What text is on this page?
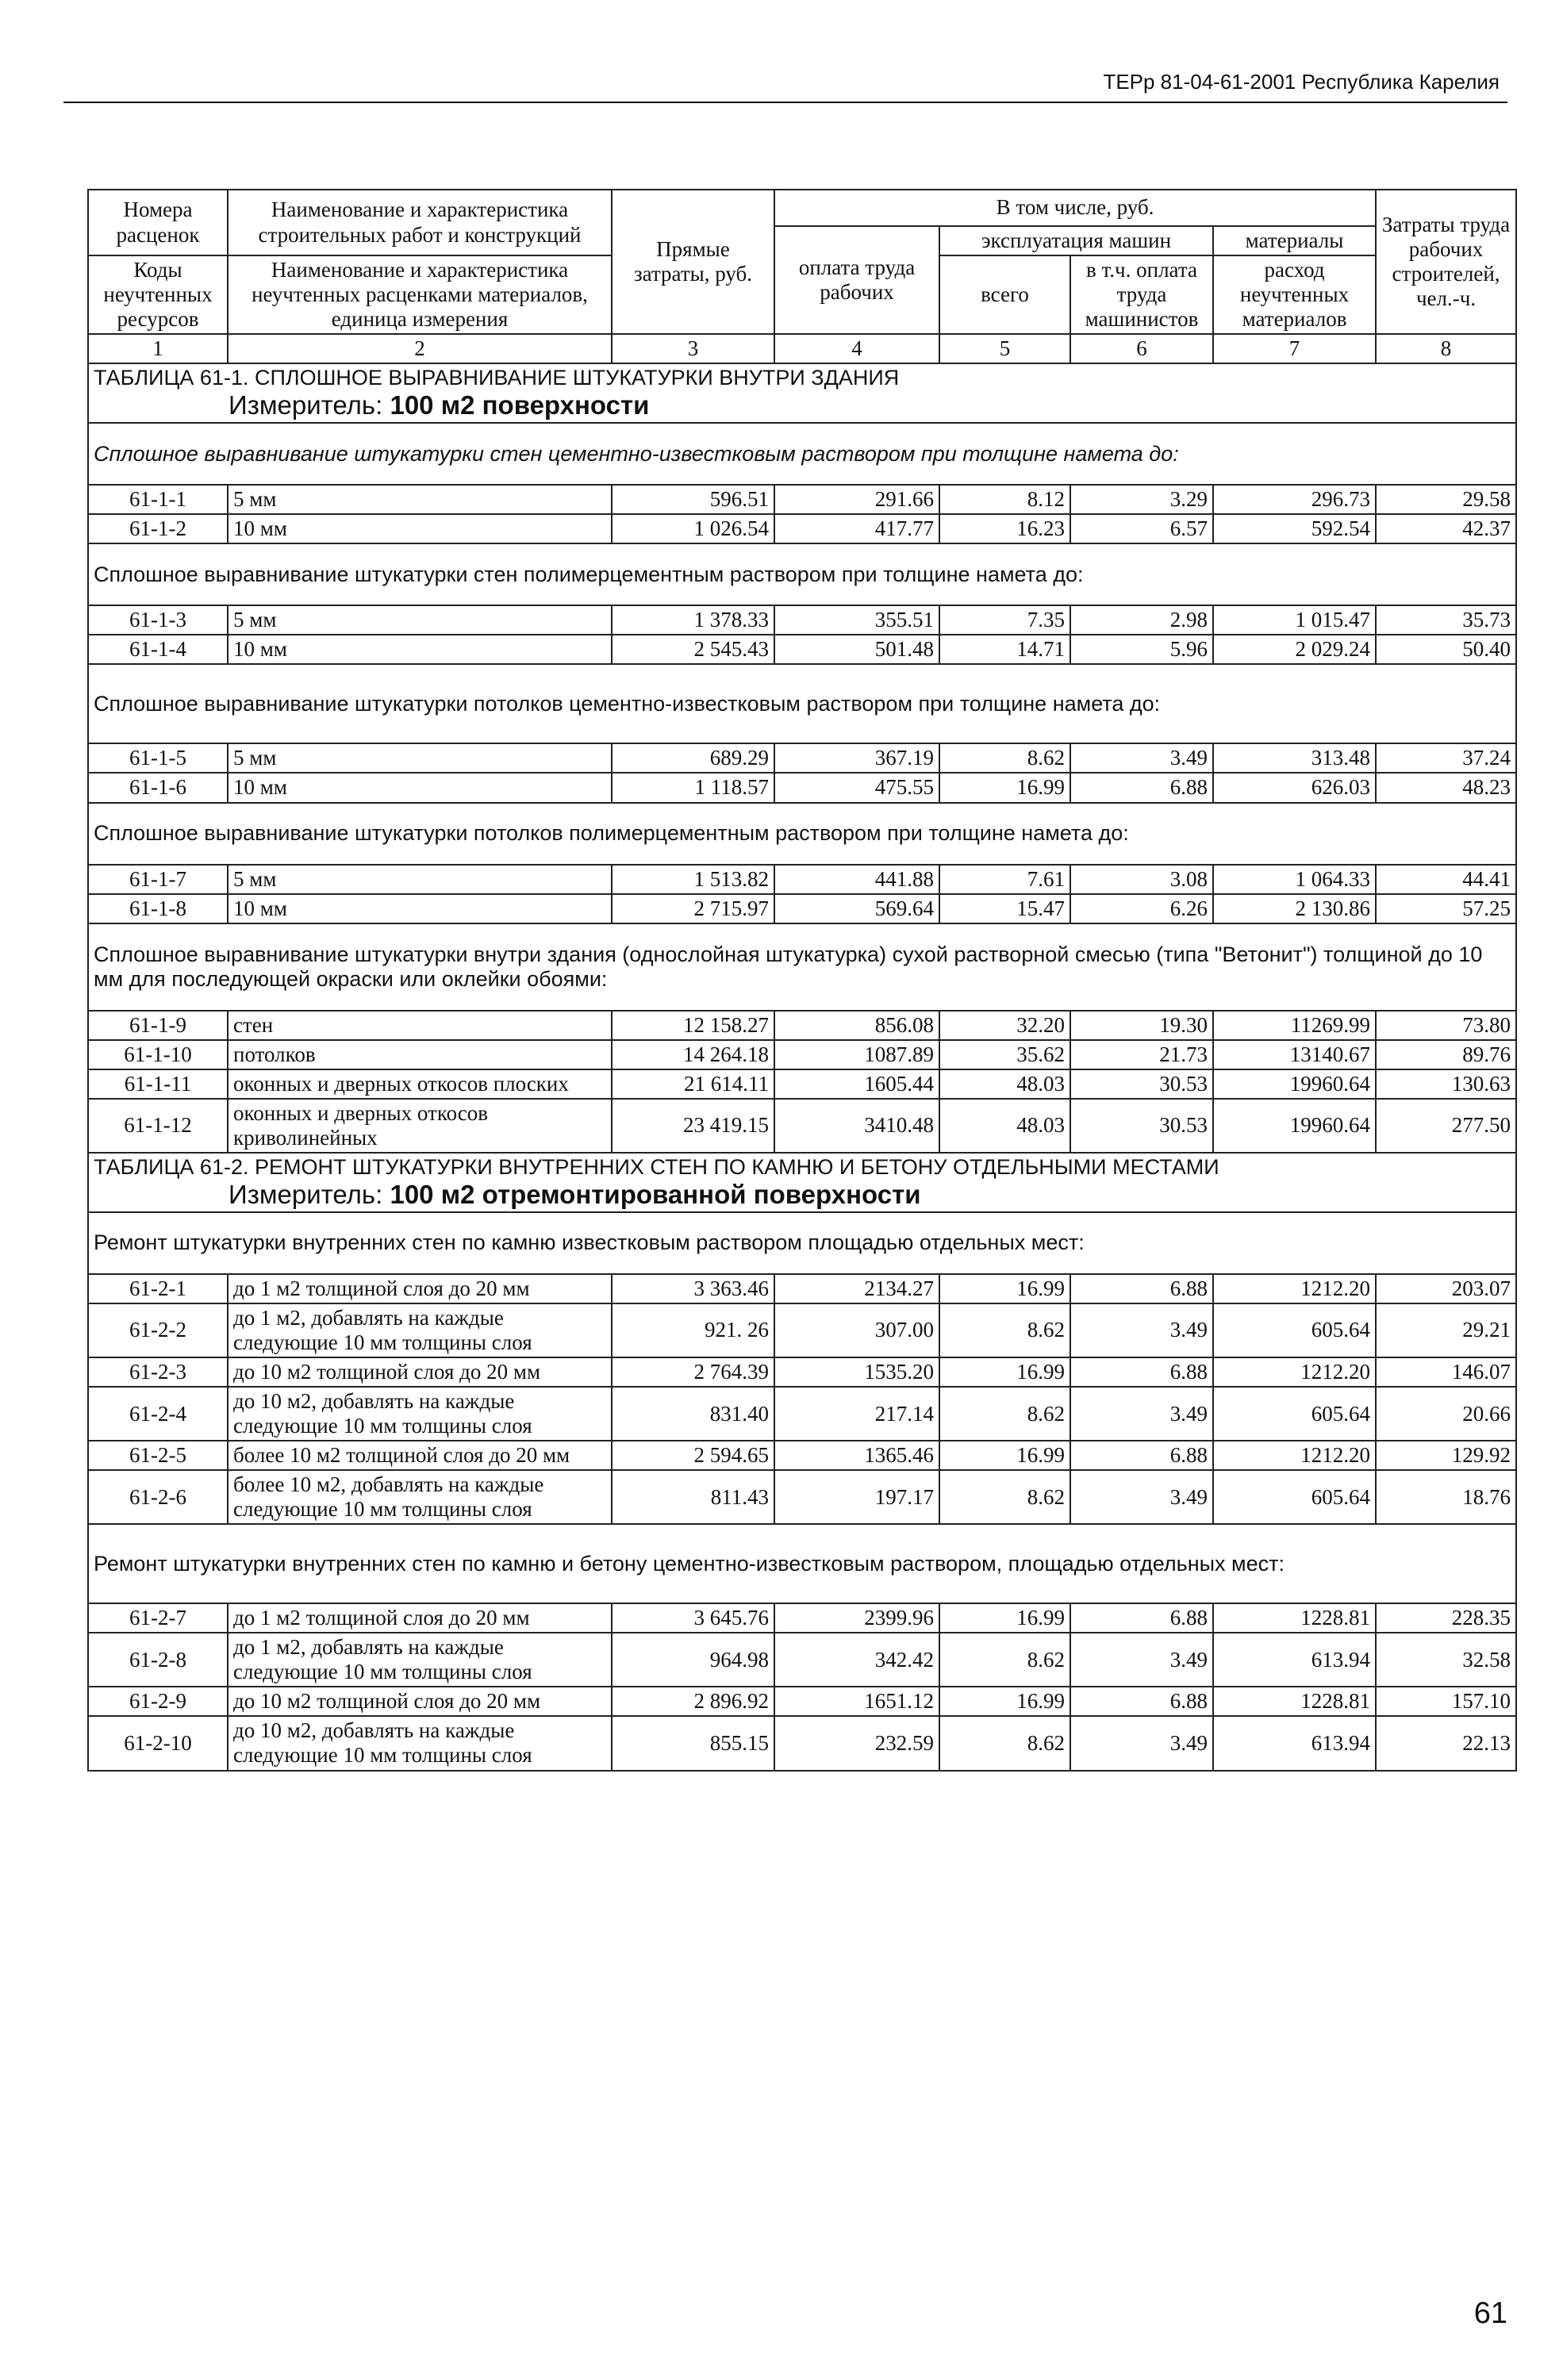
ТЕРр 81-04-61-2001 Республика Карелия
Номера расценок	Наименование и характеристика строительных работ и конструкций	Прямые затраты, руб.	В том числе, руб.				Затраты труда рабочих строителей, чел.-ч.
			оплата труда рабочих	эксплуатация машин		материалы	
Коды неучтенных ресурсов	Наименование и характеристика неучтенных расценками материалов, единица измерения			всего	в т.ч. оплата труда машинистов	расход неучтенных материалов	

1	2	3	4	5	6	7	8
ТАБЛИЦА 61-1. СПЛОШНОЕ ВЫРАВНИВАНИЕ ШТУКАТУРКИ ВНУТРИ ЗДАНИЯ
Измеритель: 100 м2 поверхности							

Сплошное выравнивание штукатурки стен цементно-известковым раствором при толщине намета до:							
61-1-1	5 мм	596.51	291.66	8.12	3.29	296.73	29.58
61-1-2	10 мм	1 026.54	417.77	16.23	6.57	592.54	42.37
Сплошное выравнивание штукатурки стен полимерцементным раствором при толщине намета до:							
61-1-3	5 мм	1 378.33	355.51	7.35	2.98	1 015.47	35.73
61-1-4	10 мм	2 545.43	501.48	14.71	5.96	2 029.24	50.40
Сплошное выравнивание штукатурки потолков цементно-известковым раствором при толщине намета до:							
61-1-5	5 мм	689.29	367.19	8.62	3.49	313.48	37.24
61-1-6	10 мм	1 118.57	475.55	16.99	6.88	626.03	48.23
Сплошное выравнивание штукатурки потолков полимерцементным раствором при толщине намета до:							
61-1-7	5 мм	1 513.82	441.88	7.61	3.08	1 064.33	44.41
61-1-8	10 мм	2 715.97	569.64	15.47	6.26	2 130.86	57.25
Сплошное выравнивание штукатурки внутри здания (однослойная штукатурка) сухой растворной смесью (типа "Ветонит") толщиной до 10 мм для последующей окраски или оклейки обоями:							
61-1-9	стен	12 158.27	856.08	32.20	19.30	11269.99	73.80
61-1-10	потолков	14 264.18	1087.89	35.62	21.73	13140.67	89.76
61-1-11	оконных и дверных откосов плоских	21 614.11	1605.44	48.03	30.53	19960.64	130.63
61-1-12	оконных и дверных откосов криволинейных	23 419.15	3410.48	48.03	30.53	19960.64	277.50
ТАБЛИЦА 61-2. РЕМОНТ ШТУКАТУРКИ ВНУТРЕННИХ СТЕН ПО КАМНЮ И БЕТОНУ ОТДЕЛЬНЫМИ МЕСТАМИ
Измеритель: 100 м2 отремонтированной поверхности							

Ремонт штукатурки внутренних стен по камню известковым раствором площадью отдельных мест:							
61-2-1	до 1 м2 толщиной слоя до 20 мм	3 363.46	2134.27	16.99	6.88	1212.20	203.07
61-2-2	до 1 м2, добавлять на каждые следующие 10 мм толщины слоя	921. 26	307.00	8.62	3.49	605.64	29.21
61-2-3	до 10 м2 толщиной слоя до 20 мм	2 764.39	1535.20	16.99	6.88	1212.20	146.07
61-2-4	до 10 м2, добавлять на каждые следующие 10 мм толщины слоя	831.40	217.14	8.62	3.49	605.64	20.66
61-2-5	более 10 м2 толщиной слоя до 20 мм	2 594.65	1365.46	16.99	6.88	1212.20	129.92
61-2-6	более 10 м2, добавлять на каждые следующие 10 мм толщины слоя	811.43	197.17	8.62	3.49	605.64	18.76
Ремонт штукатурки внутренних стен по камню и бетону цементно-известковым раствором, площадью отдельных мест:							
61-2-7	до 1 м2 толщиной слоя до 20 мм	3 645.76	2399.96	16.99	6.88	1228.81	228.35
61-2-8	до 1 м2, добавлять на каждые следующие 10 мм толщины слоя	964.98	342.42	8.62	3.49	613.94	32.58
61-2-9	до 10 м2 толщиной слоя до 20 мм	2 896.92	1651.12	16.99	6.88	1228.81	157.10
61-2-10	до 10 м2, добавлять на каждые следующие 10 мм толщины слоя	855.15	232.59	8.62	3.49	613.94	22.13
61
